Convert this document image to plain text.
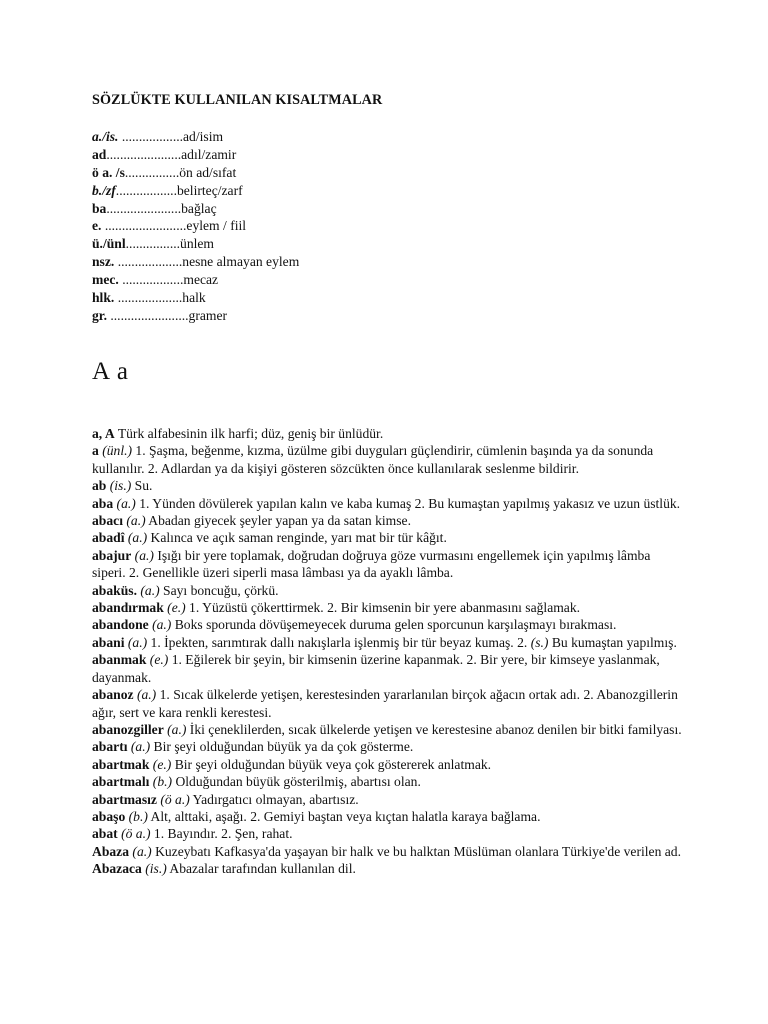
SÖZLÜKTE KULLANILAN KISALTMALAR
a./is. ..................ad/isim
ad......................adıl/zamir
ö a. /s................ön ad/sıfat
b./zf..................belirteç/zarf
ba......................bağlaç
e. ........................eylem / fiil
ü./ünl................ünlem
nsz. ...................nesne almayan eylem
mec. ..................mecaz
hlk. ...................halk
gr. .......................gramer
A a

a, A Türk alfabesinin ilk harfi; düz, geniş bir ünlüdür.

a (ünl.) 1. Şaşma, beğenme, kızma, üzülme gibi duyguları güçlendirir, cümlenin başında ya da sonunda kullanılır. 2. Adlardan ya da kişiyi gösteren sözcükten önce kullanılarak seslenme bildirir.

ab (is.) Su.

aba (a.) 1. Yünden dövülerek yapılan kalın ve kaba kumaş 2. Bu kumaştan yapılmış yakasız ve uzun üstlük.

abacı (a.) Abadan giyecek şeyler yapan ya da satan kimse.

abadî (a.) Kalınca ve açık saman renginde, yarı mat bir tür kâğıt.

abajur (a.) Işığı bir yere toplamak, doğrudan doğruya göze vurmasını engellemek için yapılmış lâmba siperi. 2. Genellikle üzeri siperli masa lâmbası ya da ayaklı lâmba.

abaküs. (a.) Sayı boncuğu, çörkü.

abandırmak (e.) 1. Yüzüstü çökerttirmek. 2. Bir kimsenin bir yere abanmasını sağlamak.

abandone (a.) Boks sporunda dövüşemeyecek duruma gelen sporcunun karşılaşmayı bırakması.

abani (a.) 1. İpekten, sarımtırak dallı nakışlarla işlenmiş bir tür beyaz kumaş. 2. (s.) Bu kumaştan yapılmış.

abanmak (e.) 1. Eğilerek bir şeyin, bir kimsenin üzerine kapanmak. 2. Bir yere, bir kimseye yaslanmak, dayanmak.

abanoz (a.) 1. Sıcak ülkelerde yetişen, kerestesinden yararlanılan birçok ağacın ortak adı. 2. Abanozgillerin ağır, sert ve kara renkli kerestesi.

abanozgiller (a.) İki çeneklilerden, sıcak ülkelerde yetişen ve kerestesine abanoz denilen bir bitki familyası.

abartı (a.) Bir şeyi olduğundan büyük ya da çok gösterme.

abartmak (e.) Bir şeyi olduğundan büyük veya çok göstererek anlatmak.

abartmalı (b.) Olduğundan büyük gösterilmiş, abartısı olan.

abartmasız (ö a.) Yadırgatıcı olmayan, abartısız.

abaşo (b.) Alt, alttaki, aşağı. 2. Gemiyi baştan veya kıçtan halatla karaya bağlama.

abat (ö a.) 1. Bayındır. 2. Şen, rahat.

Abaza (a.) Kuzeybatı Kafkasya'da yaşayan bir halk ve bu halktan Müslüman olanlara Türkiye'de verilen ad.

Abazaca (is.) Abazalar tarafından kullanılan dil.
